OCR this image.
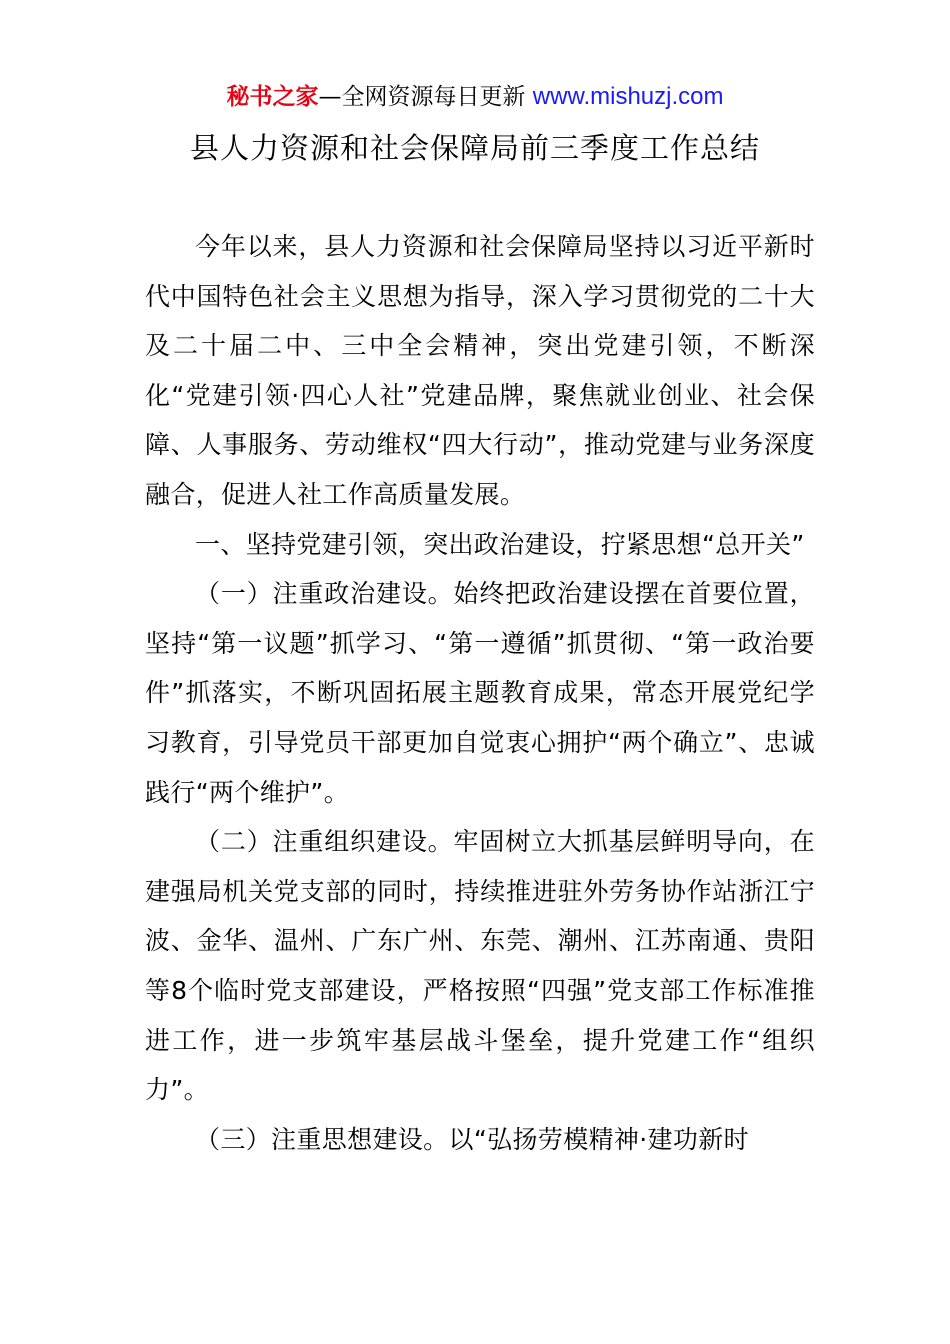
秘书之家—全网资源每日更新 www.mishuzj.com
县人力资源和社会保障局前三季度工作总结

今年以来，县人力资源和社会保障局坚持以习近平新时代中国特色社会主义思想为指导，深入学习贯彻党的二十大及二十届二中、三中全会精神，突出党建引领，不断深化“党建引领·四心人社”党建品牌，聚焦就业创业、社会保障、人事服务、劳动维权“四大行动”，推动党建与业务深度融合，促进人社工作高质量发展。

一、坚持党建引领，突出政治建设，拧紧思想“总开关”

（一）注重政治建设。始终把政治建设摆在首要位置，坚持“第一议题”抓学习、“第一遵循”抓贯彻、“第一政治要件”抓落实，不断巩固拓展主题教育成果，常态开展党纪学习教育，引导党员干部更加自觉衷心拥护“两个确立”、忠诚践行“两个维护”。

（二）注重组织建设。牢固树立大抓基层鲜明导向，在建强局机关党支部的同时，持续推进驻外劳务协作站浙江宁波、金华、温州、广东广州、东莞、潮州、江苏南通、贵阳等8个临时党支部建设，严格按照“四强”党支部工作标准推进工作，进一步筑牢基层战斗堡垒，提升党建工作“组织力”。

（三）注重思想建设。以“弘扬劳模精神·建功新时
